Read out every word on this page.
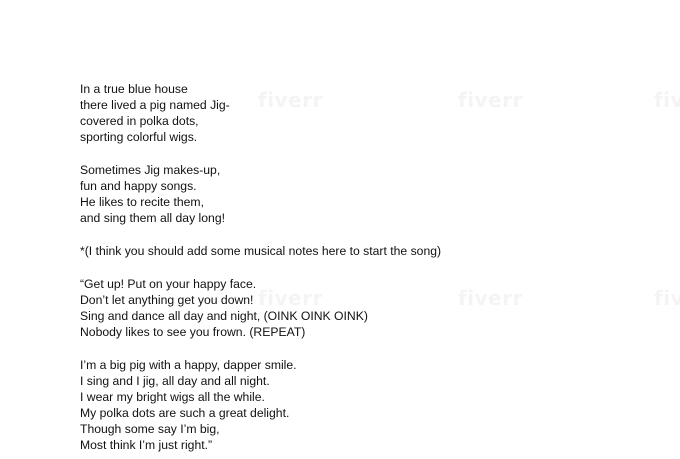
In a true blue house
there lived a pig named Jig-
covered in polka dots,
sporting colorful wigs.
Sometimes Jig makes-up,
fun and happy songs.
He likes to recite them,
and sing them all day long!
*(I think you should add some musical notes here to start the song)
“Get up! Put on your happy face.
Don’t let anything get you down!
Sing and dance all day and night, (OINK OINK OINK)
Nobody likes to see you frown. (REPEAT)
I’m a big pig with a happy, dapper smile.
I sing and I jig, all day and all night.
I wear my bright wigs all the while.
My polka dots are such a great delight.
Though some say I’m big,
Most think I’m just right.”
